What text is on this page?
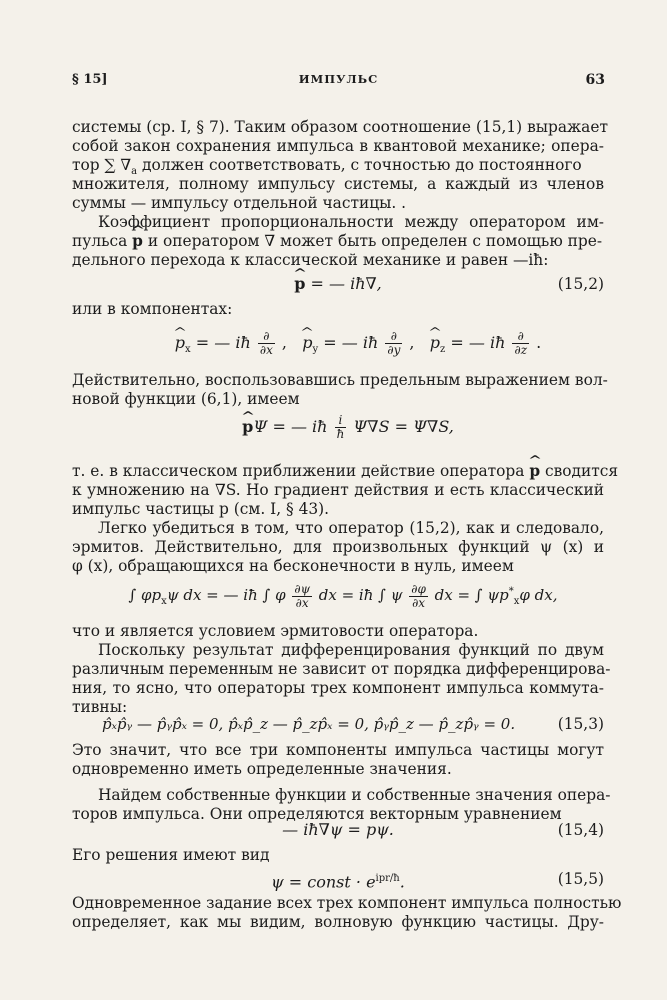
§ 15]	ИМПУЛЬС	63
системы (ср. I, § 7). Таким образом соотношение (15,1) выражает
собой закон сохранения импульса в квантовой механике; опера-
тор ∑ $\nabla_a$ должен соответствовать, с точностью до постоянного
множителя, полному импульсу системы, а каждый из членов
суммы — импульсу отдельной частицы. .
Коэффициент пропорциональности между оператором им-
пульса ^ p и оператором ∇ может быть определен с помощью пре-
дельного перехода к классической механике и равен —iħ:
^ p = — iħ∇,	(15,2)
или в компонентах:
^ $p_x$ = — iħ $\frac{\partial}{\partial x}$ , ^ $p_y$ = — iħ $\frac{\partial}{\partial y}$ , ^ $p_z$ = — iħ $\frac{\partial}{\partial z}$ .
Действительно, воспользовавшись предельным выражением вол-
новой функции (6,1), имеем
^ pΨ = — iħ $\frac{i}{ħ} \Psi\nabla S = \Psi\nabla S$,
т. е. в классическом приближении действие оператора ^ p сводится
к умножению на ∇S. Но градиент действия и есть классический
импульс частицы p (см. I, § 43).
Легко убедиться в том, что оператор (15,2), как и следовало,
эрмитов. Действительно, для произвольных функций ψ (x) и
φ (x), обращающихся на бесконечности в нуль, имеем
∫ $\varphi p_x\psi$ dx = — iħ ∫ φ $\frac{\partial\psi}{\partial x}$ dx = iħ ∫ ψ $\frac{\partial\varphi}{\partial x}$ dx = ∫ $\psi p^*_x\varphi$ dx,
что и является условием эрмитовости оператора.
Поскольку результат дифференцирования функций по двум
различным переменным не зависит от порядка дифференцирова-
ния, то ясно, что операторы трех компонент импульса коммута-
тивны:
p̂ₓp̂ᵧ — p̂ᵧp̂ₓ = 0, p̂ₓp̂_z — p̂_zp̂ₓ = 0, p̂ᵧp̂_z — p̂_zp̂ᵧ = 0.	(15,3)
Это значит, что все три компоненты импульса частицы могут
одновременно иметь определенные значения.
Найдем собственные функции и собственные значения опера-
торов импульса. Они определяются векторным уравнением
— iħ∇ψ = pψ.	(15,4)
Его решения имеют вид
ψ = const · $e^{ipr/ħ}$.	(15,5)
Одновременное задание всех трех компонент импульса полностью
определяет, как мы видим, волновую функцию частицы. Дру-
